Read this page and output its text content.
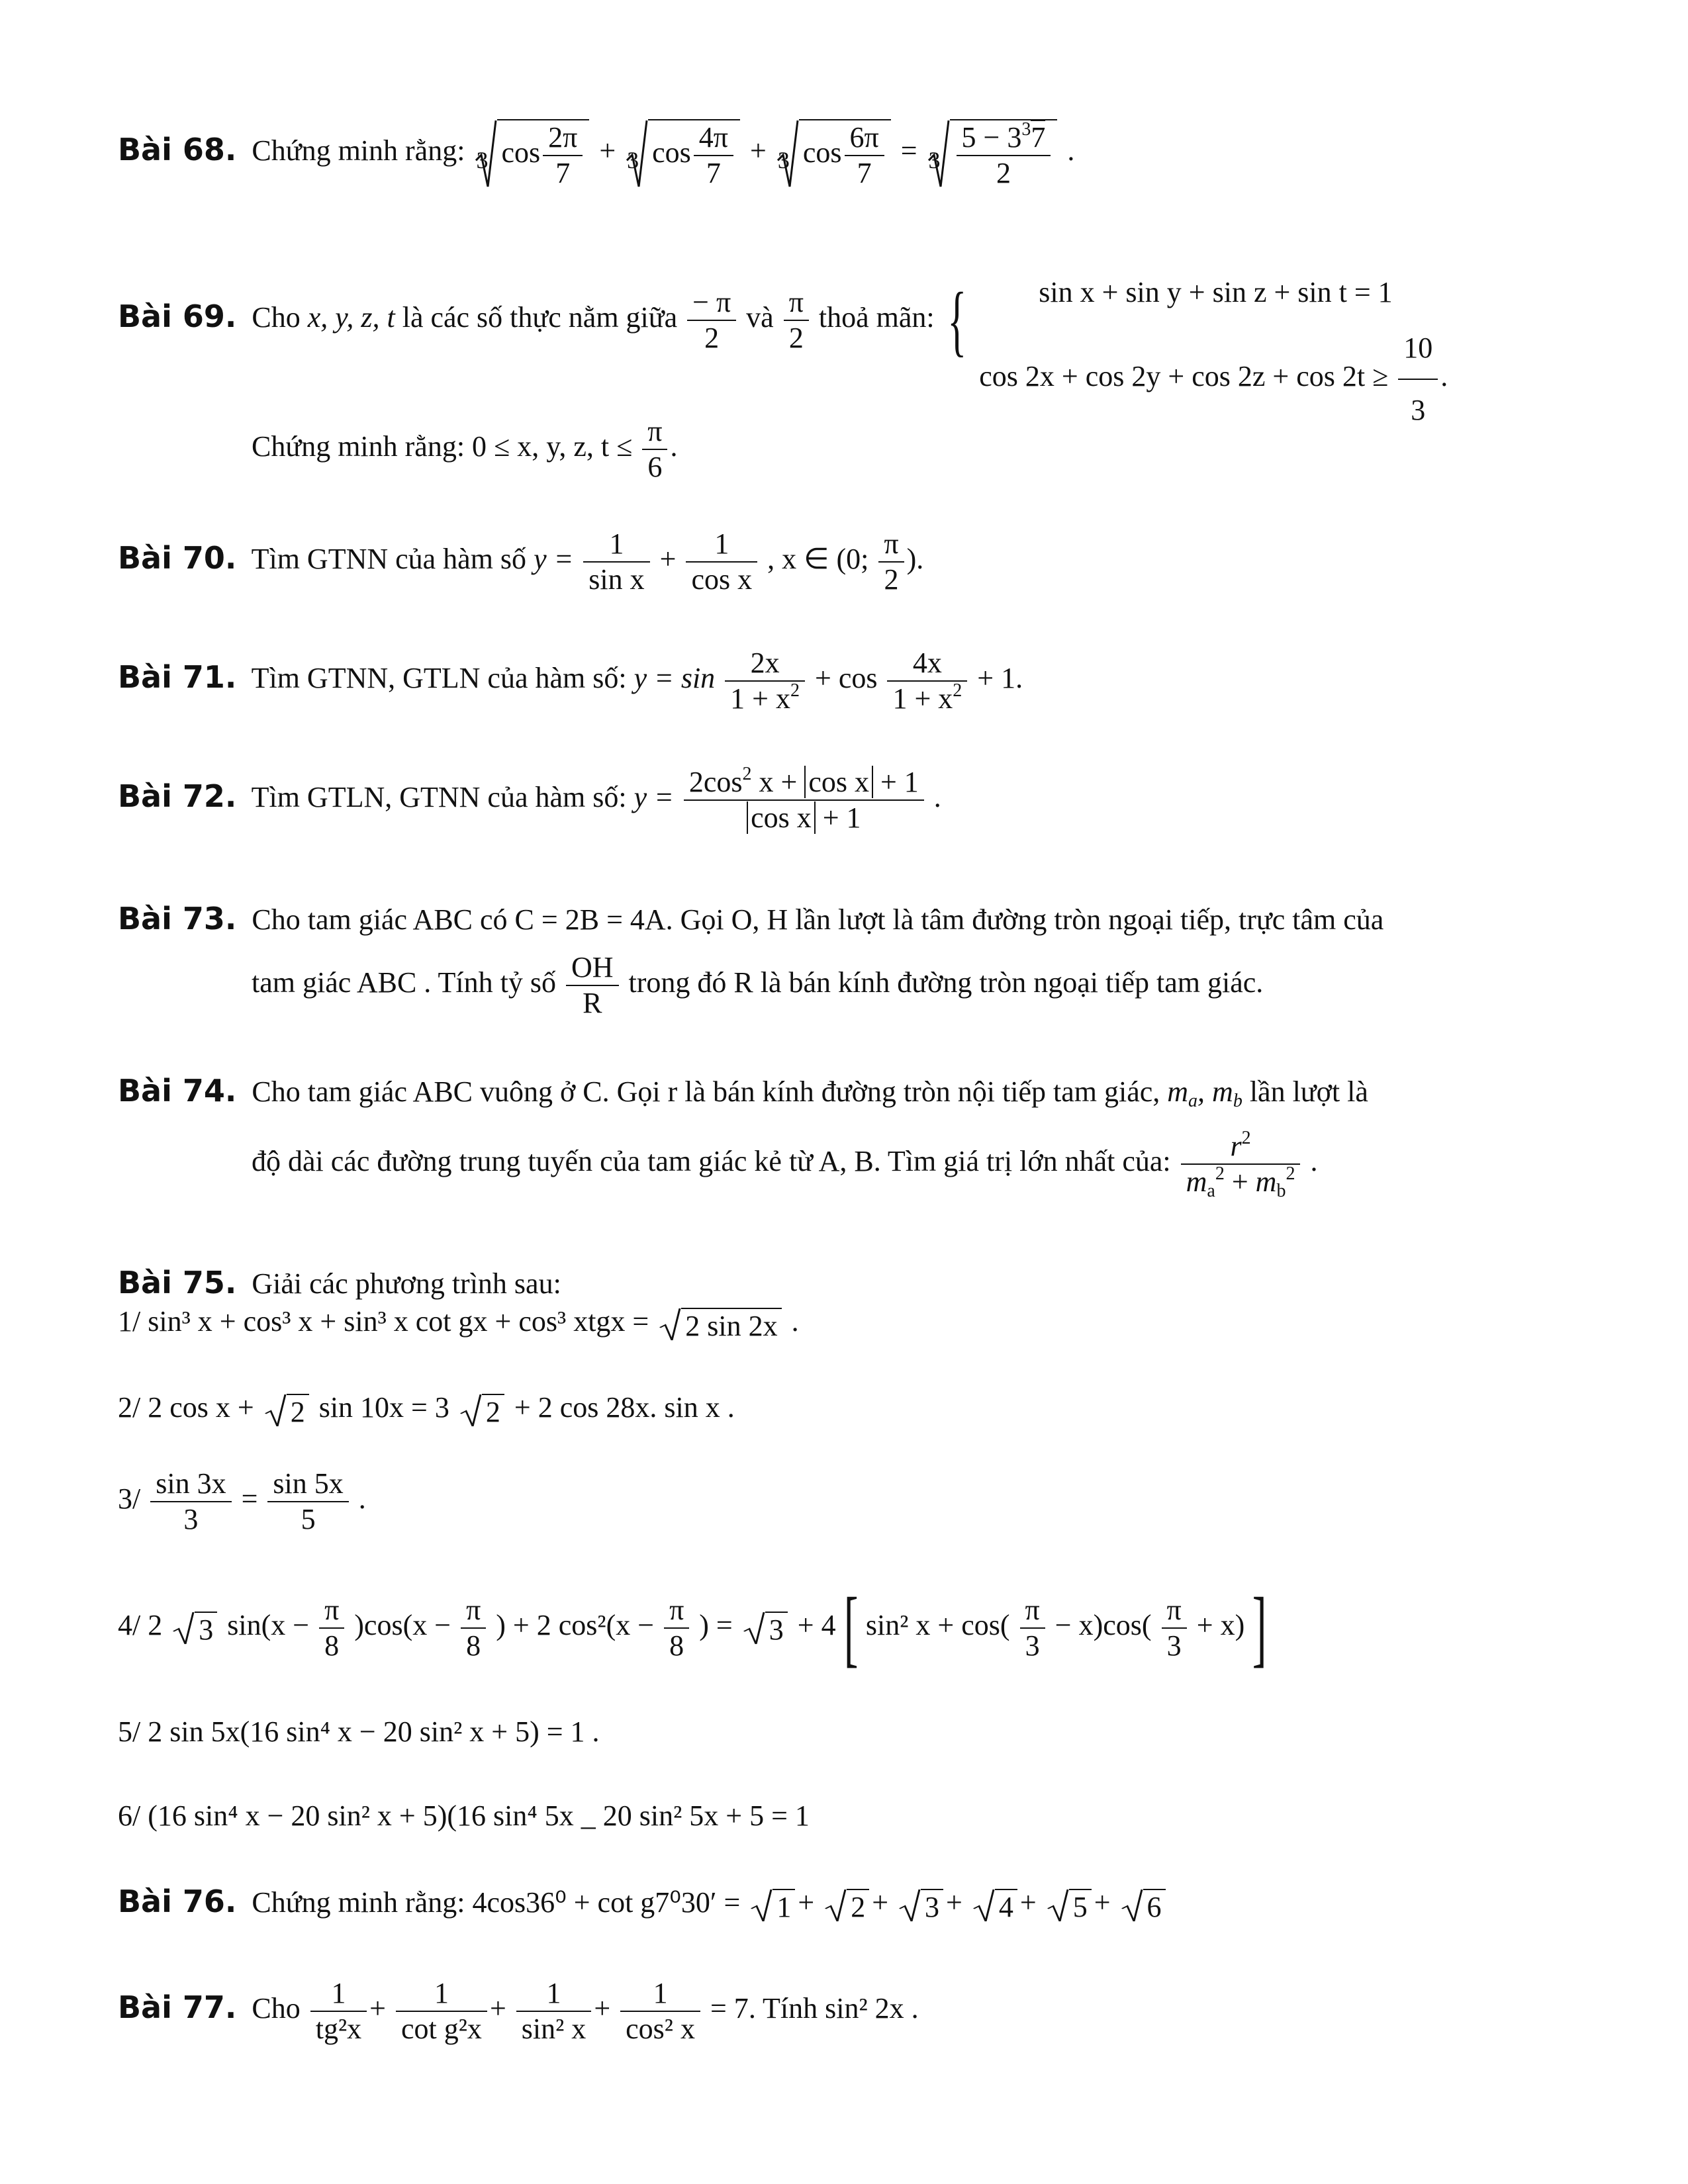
Bài 68. Chứng minh rằng: 3 $\cos \frac{2\pi}{7} + 3$ $\cos \frac{4\pi}{7} + 3$ $\cos \frac{6\pi}{7} = 3 \frac{5 - 3^37}{2}$ .
Bài 69. Cho x, y, z, t là các số thực nằm giữa $\frac{- \pi}{2}$ và $\frac{\pi}{2}$ thoả mãn: {	sin x + sin y + sin z + sin t = 1
$\cos 2x + \cos 2y + \cos 2z + \cos 2t \ge \frac{10}{3}$ .
Chứng minh rằng: 0 ≤ x, y, z, $t \le \frac{\pi}{6}$ .
Bài 70. Tìm GTNN của hàm số $y = \frac{1}{\text{sin x}} + \frac{1}{\text{cos x}}$ , x ∈ (0; $\frac{\pi}{2}$ ).
Bài 71. Tìm GTNN, GTLN của hàm số: $y = \sin \frac{2x}{1 + x^2} + \cos \frac{4x}{1 + x^2} + 1$.
Bài 72. Tìm GTLN, GTNN của hàm số: $y = \frac{2\cos^2 x + \cos x + 1}{\text{cos x + 1}}$ .
Bài 73. Cho tam giác ABC có C = 2B = 4A. Gọi O, H lần lượt là tâm đường tròn ngoại tiếp, trực tâm của
tam giác ABC . Tính tỷ số $\frac{OH}{R}$ trong đó R là bán kính đường tròn ngoại tiếp tam giác.
Bài 74. Cho tam giác ABC vuông ở C. Gọi r là bán kính đường tròn nội tiếp tam giác, $m_a$, $m_b$ lần lượt là
độ dài các đường trung tuyến của tam giác kẻ từ A, B. Tìm giá trị lớn nhất của: $\frac{r^2}{m_a^2 + m_b^2}$ .
Bài 75. Giải các phương trình sau:
1/ sin³ x + cos³ x + sin³ x cot gx + cos³ xtgx = 2 sin 2x .
2/ 2 cos x + 2 sin 10x = 3 2 + 2 cos 28x. sin x .
$3/ \frac{\sin 3x}{3} = \frac{\sin 5x}{5}$ .
4/ 2 3 $\sin(x - \frac{\pi}{8} )\cos(x - \frac{\pi}{8}$ ) + 2 $\cos^2(x - \frac{\pi}{8}$ ) = 3 + 4 [ sin² $x + \cos( \frac{\pi}{3} - x)\cos( \frac{\pi}{3} + x)$ ]
5/ 2 sin 5x(16 sin⁴ x − 20 sin² x + 5) = 1 .
6/ (16 sin⁴ x − 20 sin² x + 5)(16 sin⁴ 5x _ 20 sin² 5x + 5 = 1
Bài 76. Chứng minh rằng: 4cos36⁰ + cot g7⁰30′ = 1 + 2 + 3 + 4 + 5 + 6
Bài 77. Cho $\frac{1}{\text{tg²x}} + \frac{1}{\text{cot g²x}} + \frac{1}{\text{sin² x}} + \frac{1}{\text{cos² x}} = 7$. Tính sin² 2x .
